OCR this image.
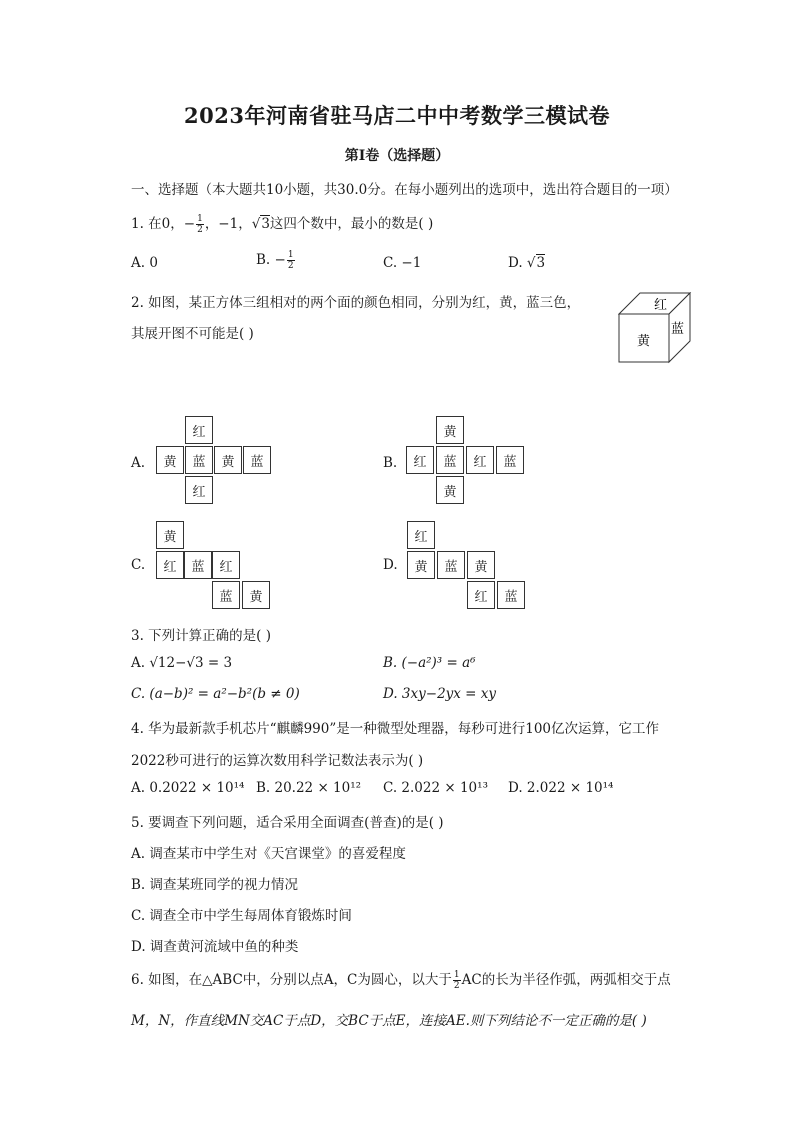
2023年河南省驻马店二中中考数学三模试卷
第I卷（选择题）
一、选择题（本大题共10小题，共30.0分。在每小题列出的选项中，选出符合题目的一项）
1. 在0，− $\frac{1}{2}$ ，−1，√3这四个数中，最小的数是( )
A. 0	B. − $\frac{1}{2}$	C. −1	D. √3
2. 如图，某正方体三组相对的两个面的颜色相同，分别为红，黄，蓝三色，
其展开图不可能是( )
红
黄
蓝
A.
红
黄	蓝	黄	蓝
红
B.
黄
红	蓝	红	蓝
黄
C.
黄
红	蓝	红
蓝	黄
D.
红
黄	蓝	黄
红	蓝
3. 下列计算正确的是( )
A. √12−√3 = 3	B. (−a²)³ = a⁶
C. (a−b)² = a²−b²(b ≠ 0)	D. 3xy−2yx = xy
4. 华为最新款手机芯片“麒麟990”是一种微型处理器，每秒可进行100亿次运算，它工作
2022秒可进行的运算次数用科学记数法表示为( )
A. 0.2022 × 10¹⁴ B. 20.22 × 10¹² C. 2.022 × 10¹³ D. 2.022 × 10¹⁴
5. 要调查下列问题，适合采用全面调查(普查)的是( )
A. 调查某市中学生对《天宫课堂》的喜爱程度
B. 调查某班同学的视力情况
C. 调查全市中学生每周体育锻炼时间
D. 调查黄河流域中鱼的种类
6. 如图，在△ABC中，分别以点A，C为圆心，以大于 $\frac{1}{2}$ AC的长为半径作弧，两弧相交于点
M，N，作直线MN交AC于点D，交BC于点E，连接AE.则下列结论不一定正确的是( )
